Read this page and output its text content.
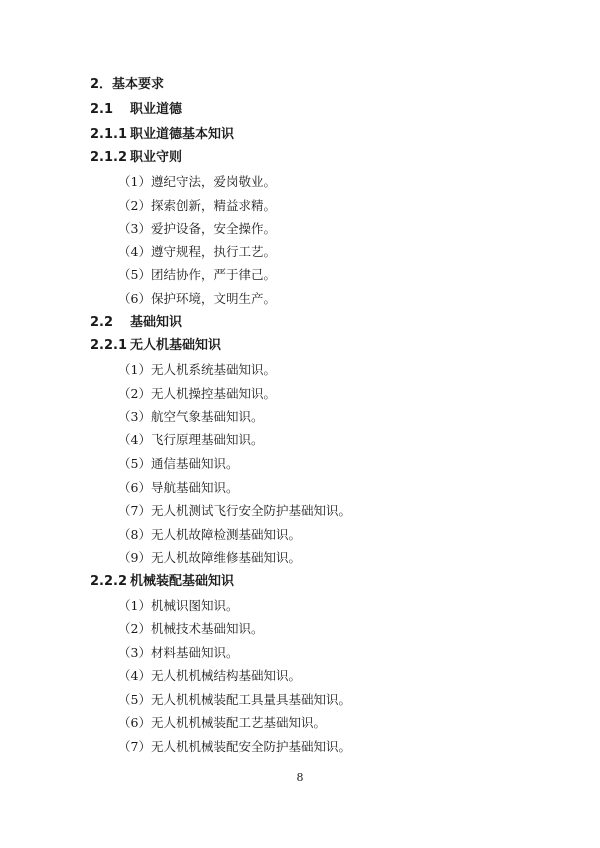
2．基本要求
2.1 职业道德
2.1.1 职业道德基本知识
2.1.2 职业守则
（1）遵纪守法，爱岗敬业。
（2）探索创新，精益求精。
（3）爱护设备，安全操作。
（4）遵守规程，执行工艺。
（5）团结协作，严于律己。
（6）保护环境，文明生产。
2.2 基础知识
2.2.1 无人机基础知识
（1）无人机系统基础知识。
（2）无人机操控基础知识。
（3）航空气象基础知识。
（4）飞行原理基础知识。
（5）通信基础知识。
（6）导航基础知识。
（7）无人机测试飞行安全防护基础知识。
（8）无人机故障检测基础知识。
（9）无人机故障维修基础知识。
2.2.2 机械装配基础知识
（1）机械识图知识。
（2）机械技术基础知识。
（3）材料基础知识。
（4）无人机机械结构基础知识。
（5）无人机机械装配工具量具基础知识。
（6）无人机机械装配工艺基础知识。
（7）无人机机械装配安全防护基础知识。
8
